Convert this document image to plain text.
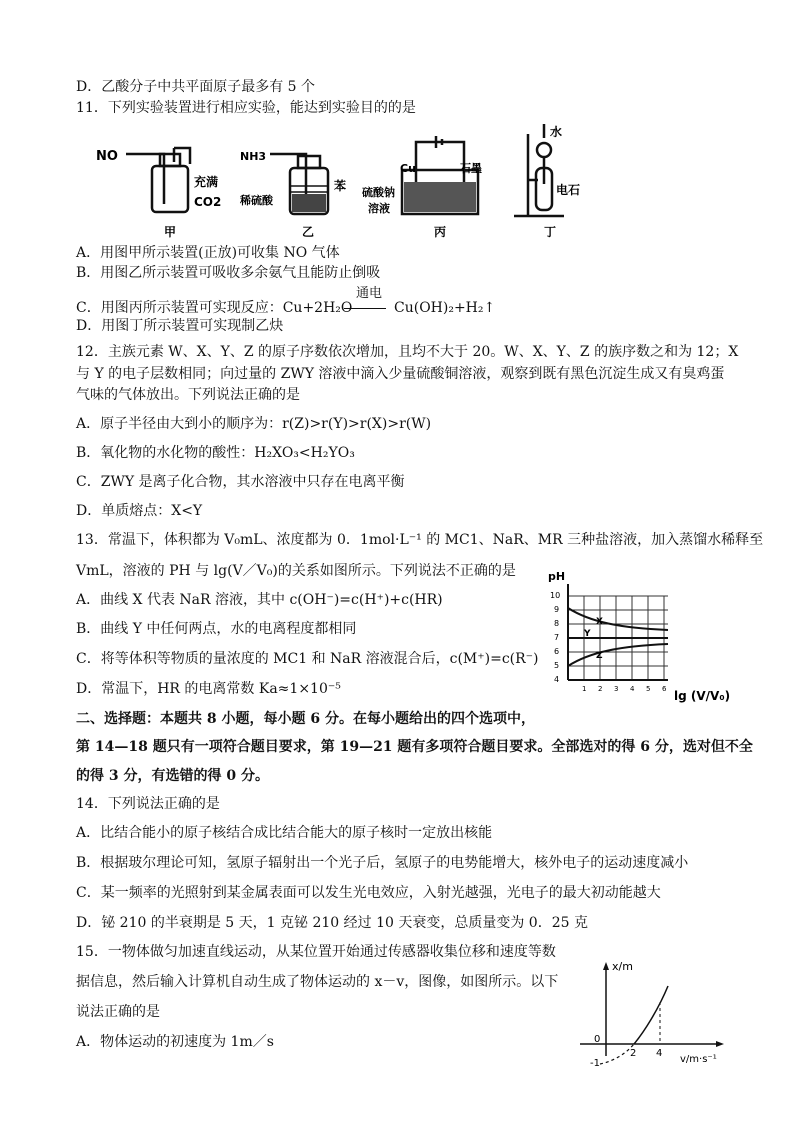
D．乙酸分子中共平面原子最多有 5 个
11．下列实验装置进行相应实验，能达到实验目的的是
NO
充满
CO2
甲
NH3
稀硫酸
苯
乙
Cu	石墨
硫酸钠
溶液
丙
水
电石
丁
A．用图甲所示装置(正放)可收集 NO 气体
B．用图乙所示装置可吸收多余氨气且能防止倒吸
C．用图丙所示装置可实现反应：Cu+2H₂O
通电
Cu(OH)₂+H₂↑
D．用图丁所示装置可实现制乙炔
12．主族元素 W、X、Y、Z 的原子序数依次增加，且均不大于 20。W、X、Y、Z 的族序数之和为 12；X
与 Y 的电子层数相同；向过量的 ZWY 溶液中滴入少量硫酸铜溶液，观察到既有黑色沉淀生成又有臭鸡蛋
气味的气体放出。下列说法正确的是
A．原子半径由大到小的顺序为：r(Z)>r(Y)>r(X)>r(W)
B．氧化物的水化物的酸性：H₂XO₃<H₂YO₃
C．ZWY 是离子化合物，其水溶液中只存在电离平衡
D．单质熔点：X<Y
13．常温下，体积都为 V₀mL、浓度都为 0．1mol·L⁻¹ 的 MC1、NaR、MR 三种盐溶液，加入蒸馏水稀释至
VmL，溶液的 PH 与 lg(V／V₀)的关系如图所示。下列说法不正确的是
A．曲线 X 代表 NaR 溶液，其中 c(OH⁻)=c(H⁺)+c(HR)
B．曲线 Y 中任何两点，水的电离程度都相同
C．将等体积等物质的量浓度的 MC1 和 NaR 溶液混合后，c(M⁺)=c(R⁻)
D．常温下，HR 的电离常数 Ka≈1×10⁻⁵
pH
10
9
8
7
6
5
4
1 2 3 4 5 6
X
Y
Z
lg (V/V₀)
二、选择题：本题共 8 小题，每小题 6 分。在每小题给出的四个选项中，
第 14—18 题只有一项符合题目要求，第 19—21 题有多项符合题目要求。全部选对的得 6 分，选对但不全
的得 3 分，有选错的得 0 分。
14．下列说法正确的是
A．比结合能小的原子核结合成比结合能大的原子核时一定放出核能
B．根据玻尔理论可知，氢原子辐射出一个光子后，氢原子的电势能增大，核外电子的运动速度减小
C．某一频率的光照射到某金属表面可以发生光电效应，入射光越强，光电子的最大初动能越大
D．铋 210 的半衰期是 5 天，1 克铋 210 经过 10 天衰变，总质量变为 0．25 克
15．一物体做匀加速直线运动，从某位置开始通过传感器收集位移和速度等数
据信息，然后输入计算机自动生成了物体运动的 x－v，图像，如图所示。以下
说法正确的是
A．物体运动的初速度为 1m／s
x/m
0
-1
2 4
v/m·s⁻¹
